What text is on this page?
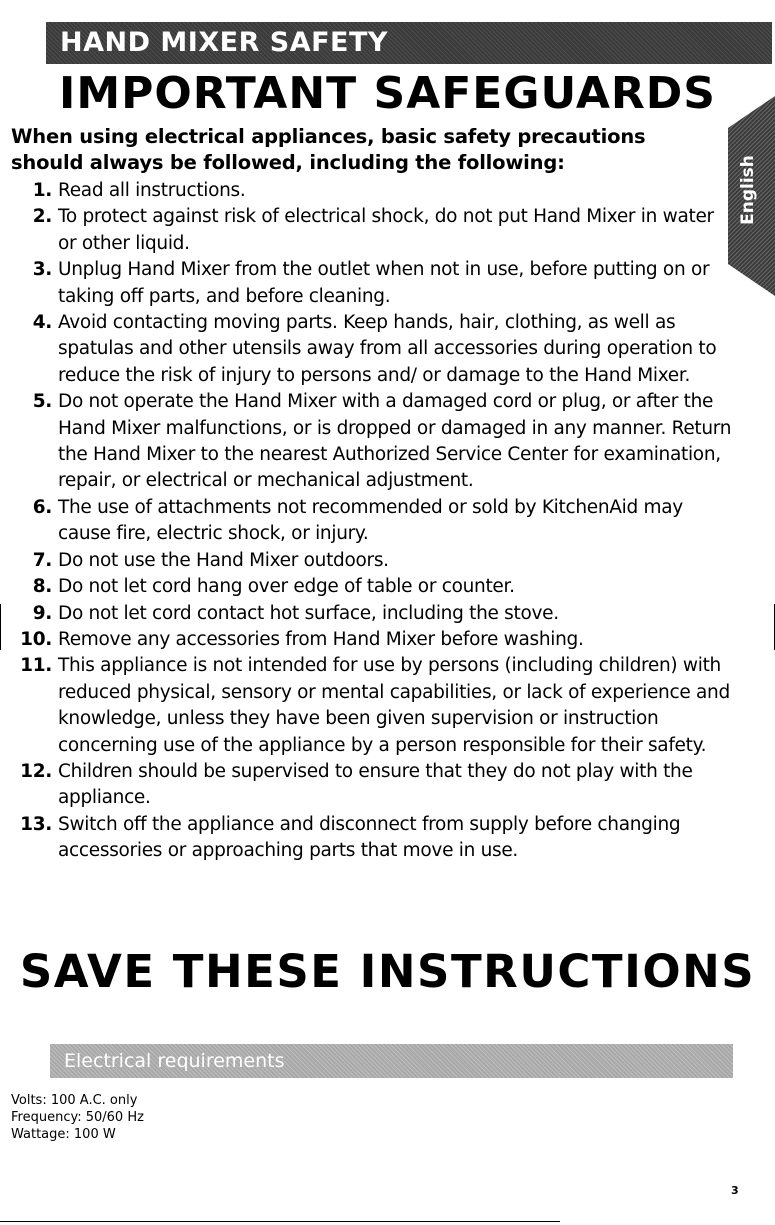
HAND MIXER SAFETY
IMPORTANT SAFEGUARDS
When using electrical appliances, basic safety precautions should always be followed, including the following:
1. Read all instructions.
2. To protect against risk of electrical shock, do not put Hand Mixer in water or other liquid.
3. Unplug Hand Mixer from the outlet when not in use, before putting on or taking off parts, and before cleaning.
4. Avoid contacting moving parts. Keep hands, hair, clothing, as well as spatulas and other utensils away from all accessories during operation to reduce the risk of injury to persons and/ or damage to the Hand Mixer.
5. Do not operate the Hand Mixer with a damaged cord or plug, or after the Hand Mixer malfunctions, or is dropped or damaged in any manner. Return the Hand Mixer to the nearest Authorized Service Center for examination, repair, or electrical or mechanical adjustment.
6. The use of attachments not recommended or sold by KitchenAid may cause fire, electric shock, or injury.
7. Do not use the Hand Mixer outdoors.
8. Do not let cord hang over edge of table or counter.
9. Do not let cord contact hot surface, including the stove.
10. Remove any accessories from Hand Mixer before washing.
11. This appliance is not intended for use by persons (including children) with reduced physical, sensory or mental capabilities, or lack of experience and knowledge, unless they have been given supervision or instruction concerning use of the appliance by a person responsible for their safety.
12. Children should be supervised to ensure that they do not play with the appliance.
13. Switch off the appliance and disconnect from supply before changing accessories or approaching parts that move in use.
SAVE THESE INSTRUCTIONS
Electrical requirements
Volts: 100 A.C. only
Frequency: 50/60 Hz
Wattage: 100 W
English
3
